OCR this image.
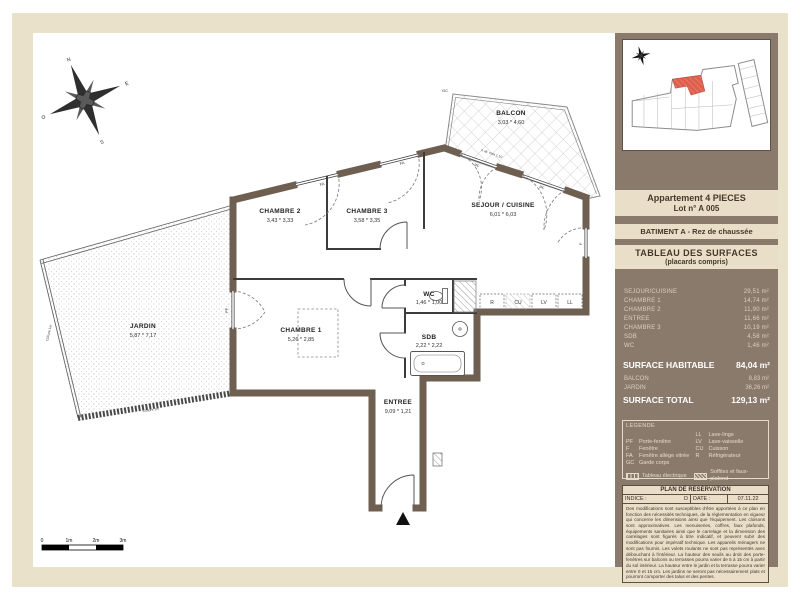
Clôture 1m
Clôture 1m
GC
R	CU	LV	LL
BALCON
3,03 * 4,60
CHAMBRE 2
3,43 * 3,33
CHAMBRE 3
3,58 * 3,35
SEJOUR / CUISINE
6,01 * 6,03
CHAMBRE 1
5,26 * 2,85
WC
1,46 * 1,00
SDB
2,22 * 2,22
ENTREE
9,09 * 1,21
JARDIN
5,87 * 7,17
PF
PF
PF
FA
FA
F
h all. max 1,10
N
E
S
O
0	1m	2m	3m
Appartement 4 PIECES
Lot n° A 005
BATIMENT A - Rez de chaussée
TABLEAU DES SURFACES
(placards compris)
SEJOUR/CUISINE	29,51 m²
CHAMBRE 1	14,74 m²
CHAMBRE 2	11,90 m²
ENTREE	11,66 m²
CHAMBRE 3	10,19 m²
SDB	4,58 m²
WC	1,46 m²
SURFACE HABITABLE	84,04 m²
BALCON	8,83 m²
JARDIN	36,26 m²
SURFACE TOTAL	129,13 m²
LEGENDE
PF	Porte-fenêtre
F	Fenêtre
FA	Fenêtre allège vitrée
GC Garde corps
LL	Lave-linge
LV	Lave-vaisselle
CU Cuisson
R	Réfrigérateur
Tableau électrique
Soffites et faux-plafond
PLAN DE RESERVATION
INDICE :	D DATE :	07.11.22
Des modifications sont susceptibles d'être apportées à ce plan en fonction des nécessités techniques, de la réglementation en vigueur qui concerne les dimensions ainsi que l'équipement. Les cloisons sont approximatives. Les menuiseries, coffres, faux plafonds, équipements sanitaires ainsi que le carrelage et la dimension des carrelages sont figurés à titre indicatif, et peuvent subir des modifications pour impératif technique. Les appareils ménagers ne sont pas fournis. Les volets roulants ne sont pas représentés avec débouchant à l'intérieur. La hauteur des seuils au droit des porte-fenêtres sur balcons ou terrasses pourra varier de 5 à 15 cm à partir du sol intérieur. La hauteur entre le jardin et la terrasse pourra varier entre 0 et 15 cm. Les jardins ne seront pas nécessairement plats et pourront comporter des talus et des pentes.
